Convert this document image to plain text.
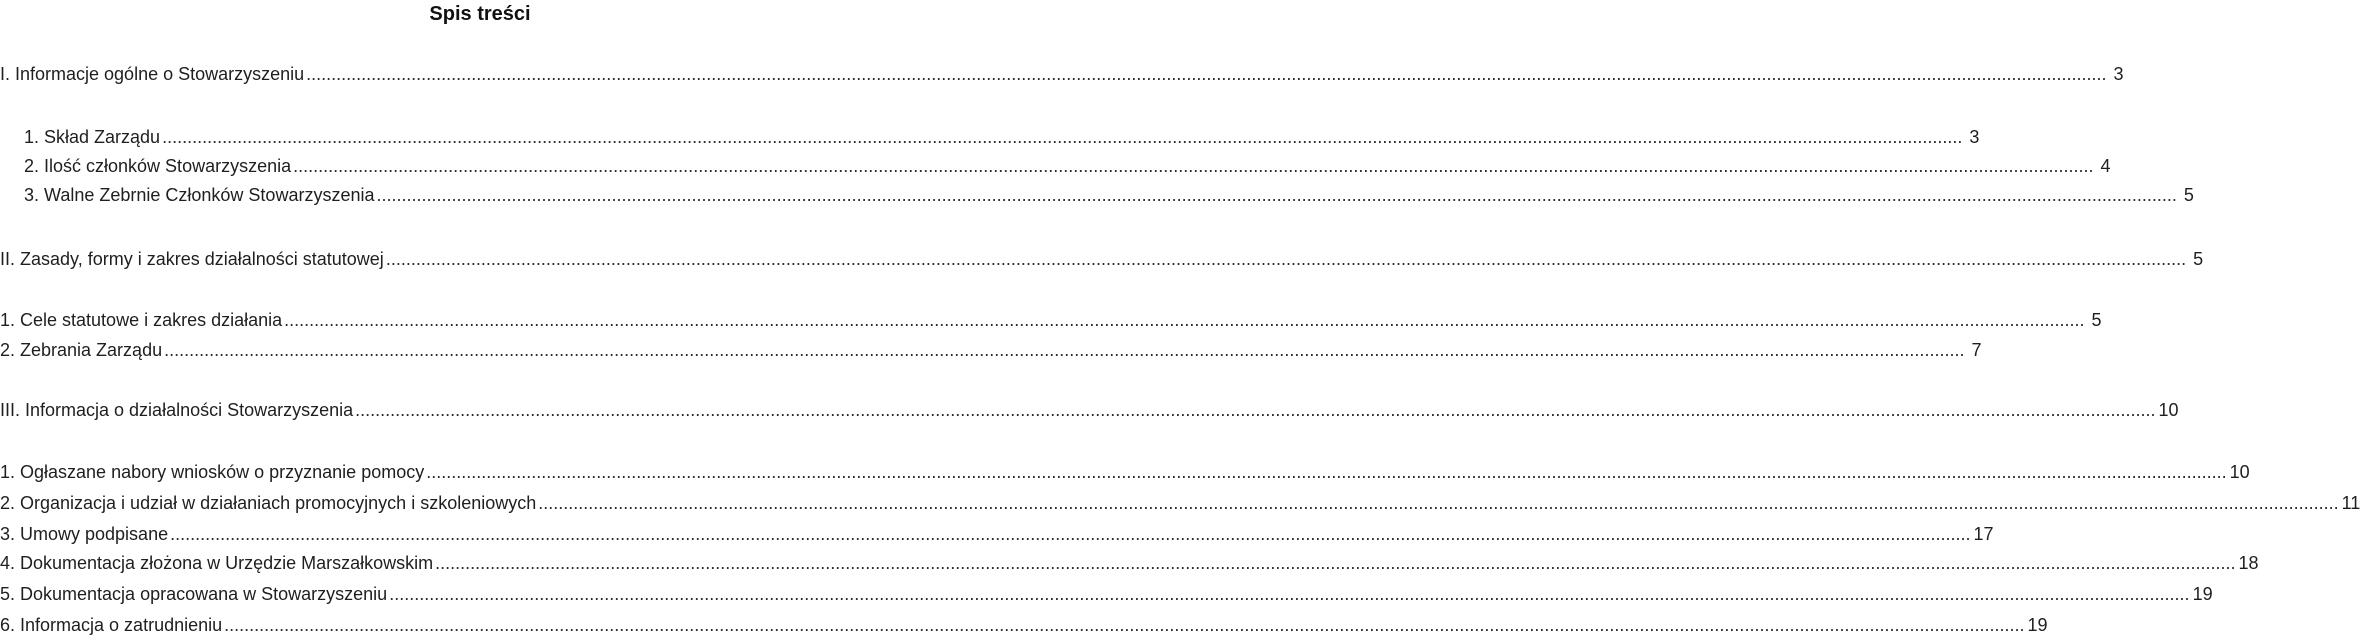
Spis treści
I. Informacje ogólne o Stowarzyszeniu .....	3
1. Skład Zarządu .....	3
2. Ilość członków Stowarzyszenia .....	4
3. Walne Zebrnie Członków Stowarzyszenia .....	5
II. Zasady, formy i zakres działalności statutowej .....	5
1. Cele statutowe i zakres działania .....	5
2. Zebrania Zarządu .....	7
III. Informacja o działalności Stowarzyszenia .....	10
1. Ogłaszane nabory wniosków o przyznanie pomocy .....	10
2. Organizacja i udział w działaniach promocyjnych i szkoleniowych .....	11
3. Umowy podpisane .....	17
4. Dokumentacja złożona w Urzędzie Marszałkowskim .....	18
5. Dokumentacja opracowana w Stowarzyszeniu .....	19
6. Informacja o zatrudnieniu .....	19
